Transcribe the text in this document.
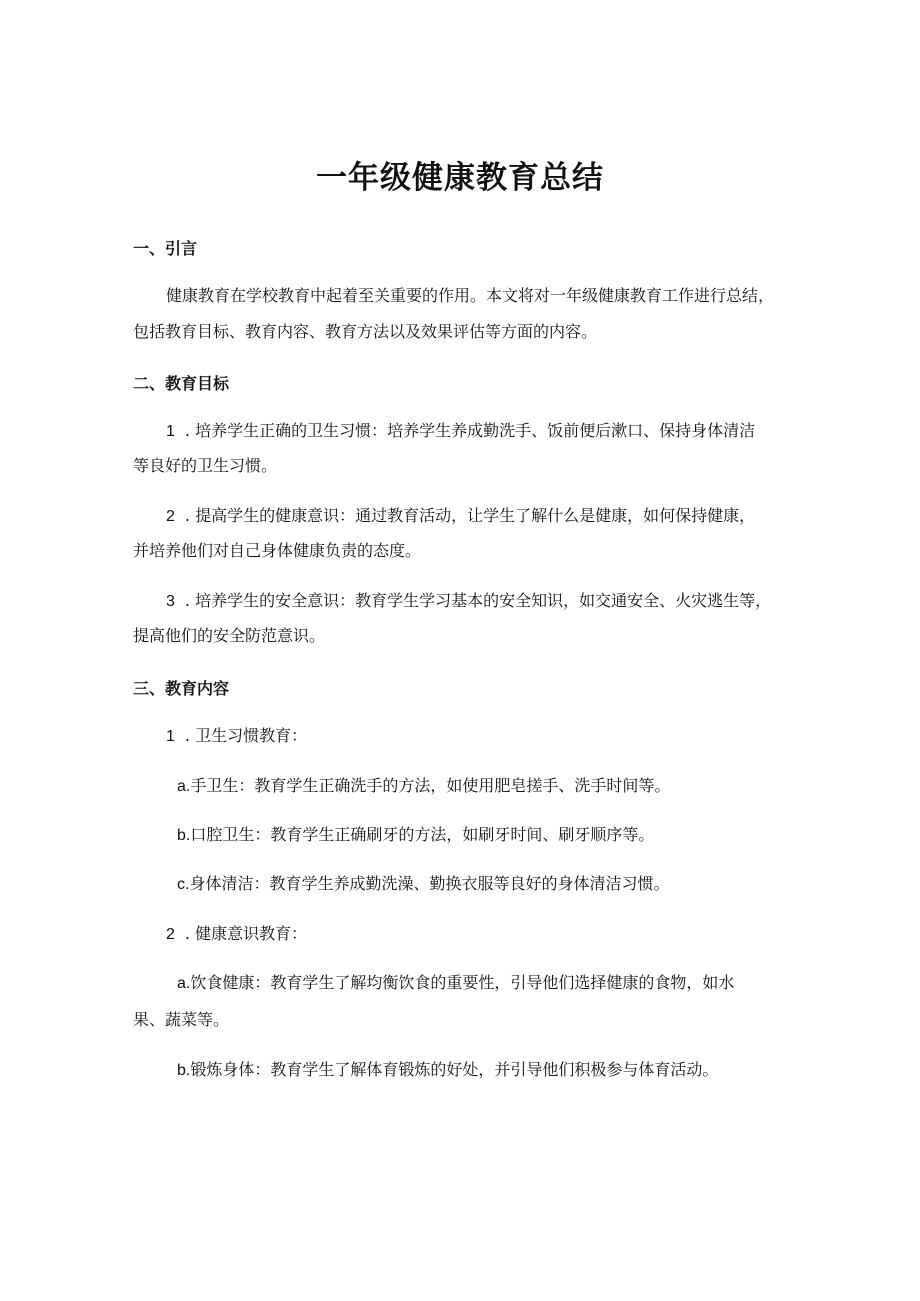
一年级健康教育总结
一、引言

健康教育在学校教育中起着至关重要的作用。本文将对一年级健康教育工作进行总结，

包括教育目标、教育内容、教育方法以及效果评估等方面的内容。

二、教育目标

1 . 培养学生正确的卫生习惯：培养学生养成勤洗手、饭前便后漱口、保持身体清洁

等良好的卫生习惯。

2 . 提高学生的健康意识：通过教育活动，让学生了解什么是健康，如何保持健康，

并培养他们对自己身体健康负责的态度。

3 . 培养学生的安全意识：教育学生学习基本的安全知识，如交通安全、火灾逃生等，

提高他们的安全防范意识。

三、教育内容

1 . 卫生习惯教育：

a.手卫生：教育学生正确洗手的方法，如使用肥皂搓手、洗手时间等。

b.口腔卫生：教育学生正确刷牙的方法，如刷牙时间、刷牙顺序等。

c.身体清洁：教育学生养成勤洗澡、勤换衣服等良好的身体清洁习惯。

2 . 健康意识教育：

a.饮食健康：教育学生了解均衡饮食的重要性，引导他们选择健康的食物，如水

果、蔬菜等。

b.锻炼身体：教育学生了解体育锻炼的好处，并引导他们积极参与体育活动。
